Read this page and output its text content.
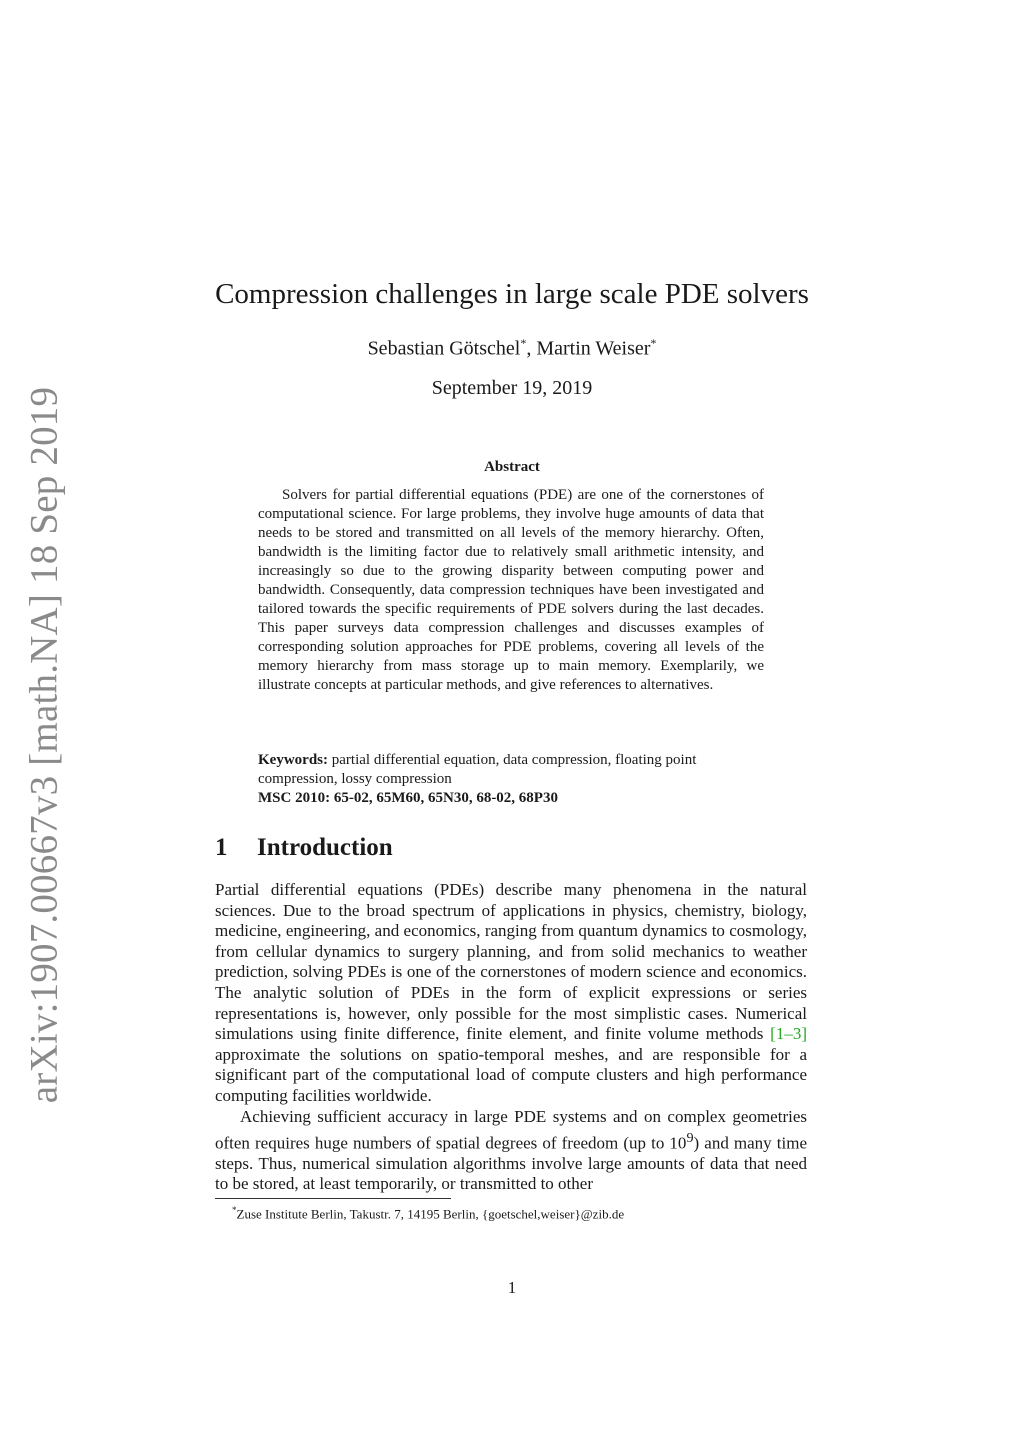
arXiv:1907.00667v3 [math.NA] 18 Sep 2019
Compression challenges in large scale PDE solvers
Sebastian Götschel*, Martin Weiser*
September 19, 2019
Abstract

Solvers for partial differential equations (PDE) are one of the cornerstones of computational science. For large problems, they involve huge amounts of data that needs to be stored and transmitted on all levels of the memory hierarchy. Often, bandwidth is the limiting factor due to relatively small arithmetic intensity, and increasingly so due to the growing disparity between computing power and bandwidth. Consequently, data compression techniques have been investigated and tailored towards the specific requirements of PDE solvers during the last decades. This paper surveys data compression challenges and discusses examples of corresponding solution approaches for PDE problems, covering all levels of the memory hierarchy from mass storage up to main memory. Exemplarily, we illustrate concepts at particular methods, and give references to alternatives.

Keywords: partial differential equation, data compression, floating point compression, lossy compression

MSC 2010: 65-02, 65M60, 65N30, 68-02, 68P30

1 Introduction

Partial differential equations (PDEs) describe many phenomena in the natural sciences. Due to the broad spectrum of applications in physics, chemistry, biology, medicine, engineering, and economics, ranging from quantum dynamics to cosmology, from cellular dynamics to surgery planning, and from solid mechanics to weather prediction, solving PDEs is one of the cornerstones of modern science and economics. The analytic solution of PDEs in the form of explicit expressions or series representations is, however, only possible for the most simplistic cases. Numerical simulations using finite difference, finite element, and finite volume methods [1–3] approximate the solutions on spatio-temporal meshes, and are responsible for a significant part of the computational load of compute clusters and high performance computing facilities worldwide.

Achieving sufficient accuracy in large PDE systems and on complex geometries often requires huge numbers of spatial degrees of freedom (up to $10^9$) and many time steps. Thus, numerical simulation algorithms involve large amounts of data that need to be stored, at least temporarily, or transmitted to other

*Zuse Institute Berlin, Takustr. 7, 14195 Berlin, {goetschel,weiser}@zib.de

1
